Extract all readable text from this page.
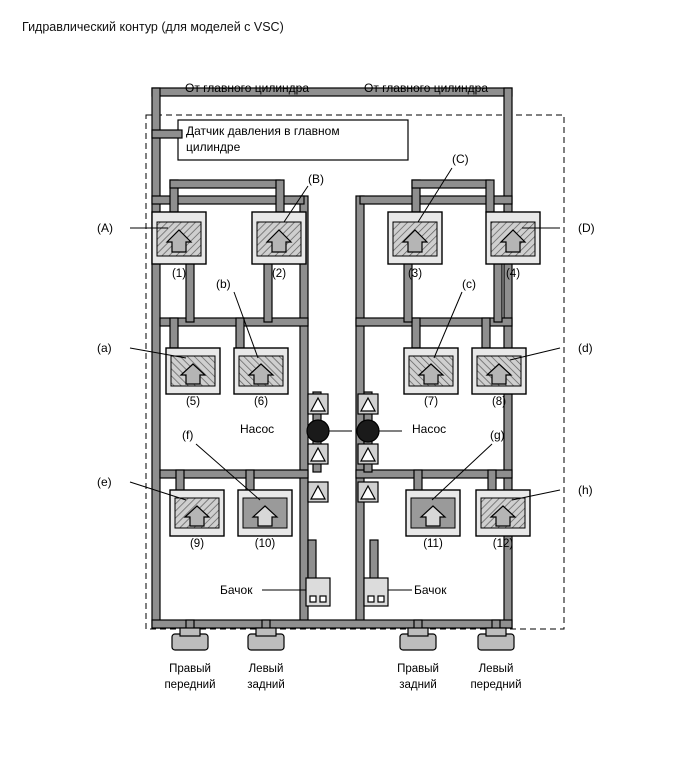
Гидравлический контур (для моделей с VSC)
От главного цилиндра	От главного цилиндра
Датчик давления в главном
цилиндре
(A)
(B)
(C)
(D)
(a)
(b)	(c)
(d)
(e)
(f)	(g)
(h)
(1)	(2)	(3)	(4)
(5)	(6)	(7)	(8)
(9)	(10)	(11)	(12)
Насос	Насос
Бачок	Бачок
Правый
передний
Левый
задний
Правый
задний
Левый
передний
